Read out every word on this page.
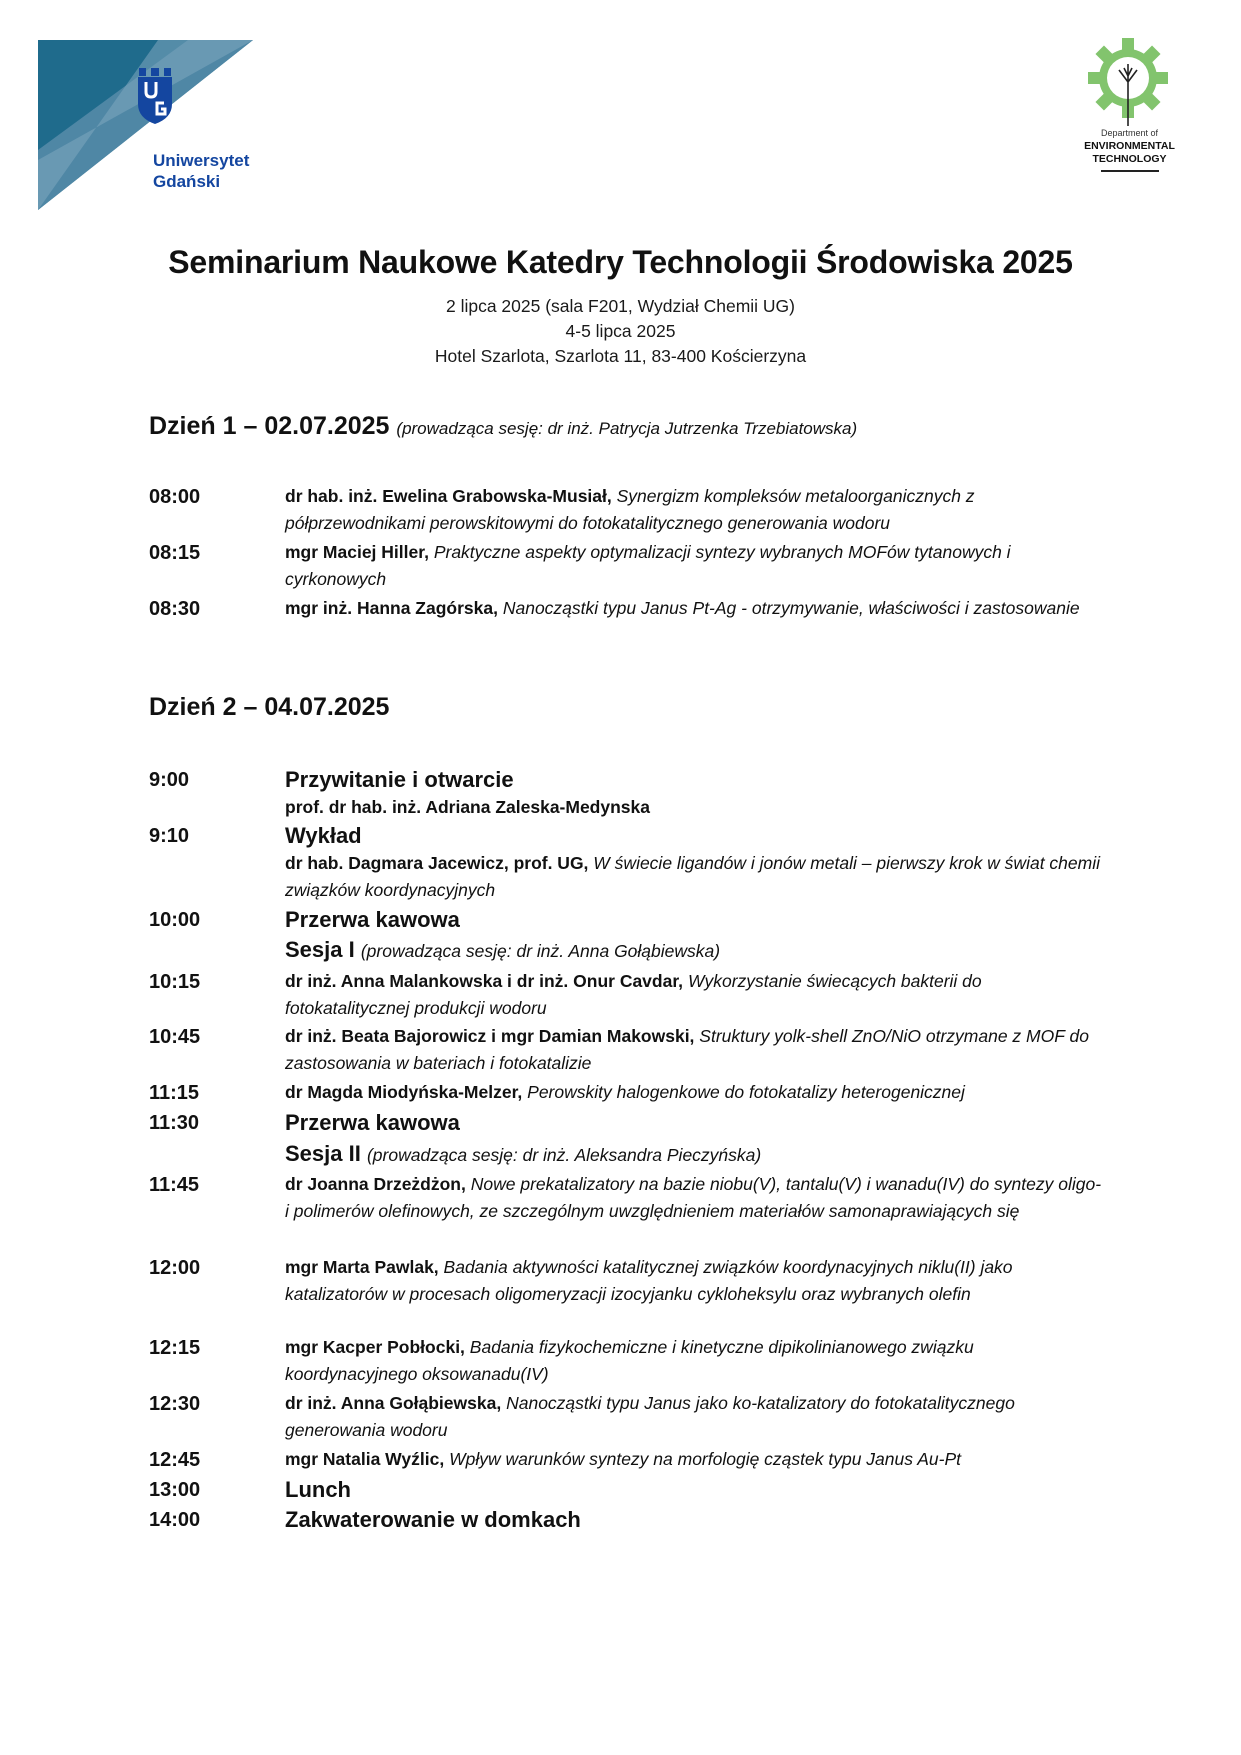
Uniwersytet
Gdański
Department of
ENVIRONMENTAL
TECHNOLOGY
Seminarium Naukowe Katedry Technologii Środowiska 2025
2 lipca 2025 (sala F201, Wydział Chemii UG)
4-5 lipca 2025
Hotel Szarlota, Szarlota 11, 83-400 Kościerzyna
Dzień 1 – 02.07.2025 (prowadząca sesję: dr inż. Patrycja Jutrzenka Trzebiatowska)
08:00	dr hab. inż. Ewelina Grabowska-Musiał, Synergizm kompleksów metaloorganicznych z półprzewodnikami perowskitowymi do fotokatalitycznego generowania wodoru
08:15	mgr Maciej Hiller, Praktyczne aspekty optymalizacji syntezy wybranych MOFów tytanowych i cyrkonowych
08:30	mgr inż. Hanna Zagórska, Nanocząstki typu Janus Pt-Ag - otrzymywanie, właściwości i zastosowanie
Dzień 2 – 04.07.2025
9:00	Przywitanie i otwarcie
prof. dr hab. inż. Adriana Zaleska-Medynska
9:10	Wykład
dr hab. Dagmara Jacewicz, prof. UG, W świecie ligandów i jonów metali – pierwszy krok w świat chemii związków koordynacyjnych
10:00	Przerwa kawowa
Sesja I (prowadząca sesję: dr inż. Anna Gołąbiewska)
10:15	dr inż. Anna Malankowska i dr inż. Onur Cavdar, Wykorzystanie świecących bakterii do fotokatalitycznej produkcji wodoru
10:45	dr inż. Beata Bajorowicz i mgr Damian Makowski, Struktury yolk-shell ZnO/NiO otrzymane z MOF do zastosowania w bateriach i fotokatalizie
11:15	dr Magda Miodyńska-Melzer, Perowskity halogenkowe do fotokatalizy heterogenicznej
11:30	Przerwa kawowa
Sesja II (prowadząca sesję: dr inż. Aleksandra Pieczyńska)
11:45	dr Joanna Drzeżdżon, Nowe prekatalizatory na bazie niobu(V), tantalu(V) i wanadu(IV) do syntezy oligo- i polimerów olefinowych, ze szczególnym uwzględnieniem materiałów samonaprawiających się
12:00	mgr Marta Pawlak, Badania aktywności katalitycznej związków koordynacyjnych niklu(II) jako katalizatorów w procesach oligomeryzacji izocyjanku cykloheksylu oraz wybranych olefin
12:15	mgr Kacper Pobłocki, Badania fizykochemiczne i kinetyczne dipikolinianowego związku koordynacyjnego oksowanadu(IV)
12:30	dr inż. Anna Gołąbiewska, Nanocząstki typu Janus jako ko-katalizatory do fotokatalitycznego generowania wodoru
12:45	mgr Natalia Wyźlic, Wpływ warunków syntezy na morfologię cząstek typu Janus Au-Pt
13:00	Lunch
14:00	Zakwaterowanie w domkach
